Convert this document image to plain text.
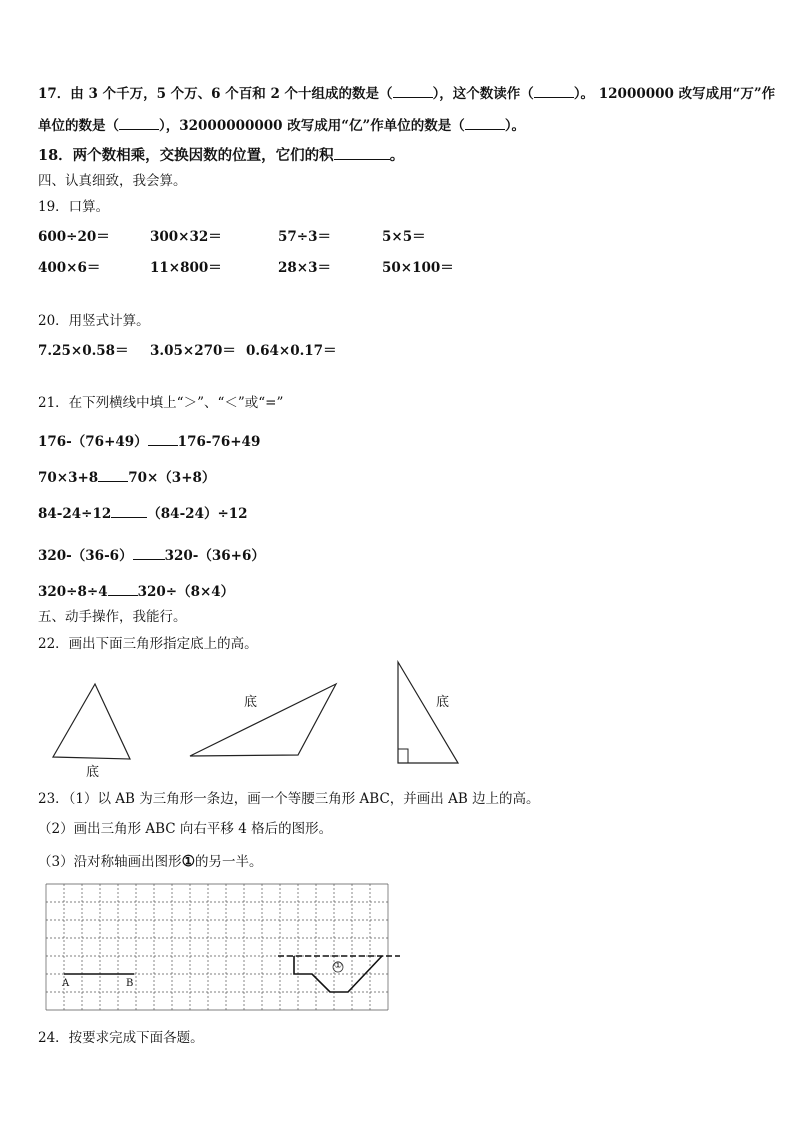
17．由 3 个千万，5 个万、6 个百和 2 个十组成的数是（	），这个数读作（	）。 12000000 改写成用“万”作
单位的数是（	），32000000000 改写成用“亿”作单位的数是（	）。
18．两个数相乘，交换因数的位置，它们的积	。
四、认真细致，我会算。
19．口算。
600÷20＝	300×32＝	57÷3＝	5×5＝
400×6＝	11×800＝	28×3＝	50×100＝
20．用竖式计算。
7.25×0.58＝ 3.05×270＝ 0.64×0.17＝
21．在下列横线中填上“＞”、“＜”或“=”
176-（76+49） 176-76+49
70×3+8 70×（3+8）
84-24÷12	（84-24）÷12
320-（36-6） 320-（36+6）
320÷8÷4 320÷（8×4）
五、动手操作，我能行。
22．画出下面三角形指定底上的高。
底
底	底
23．（1）以 AB 为三角形一条边，画一个等腰三角形 ABC，并画出 AB 边上的高。
（2）画出三角形 ABC 向右平移 4 格后的图形。
（3）沿对称轴画出图形①的另一半。
A	B
①
24．按要求完成下面各题。
